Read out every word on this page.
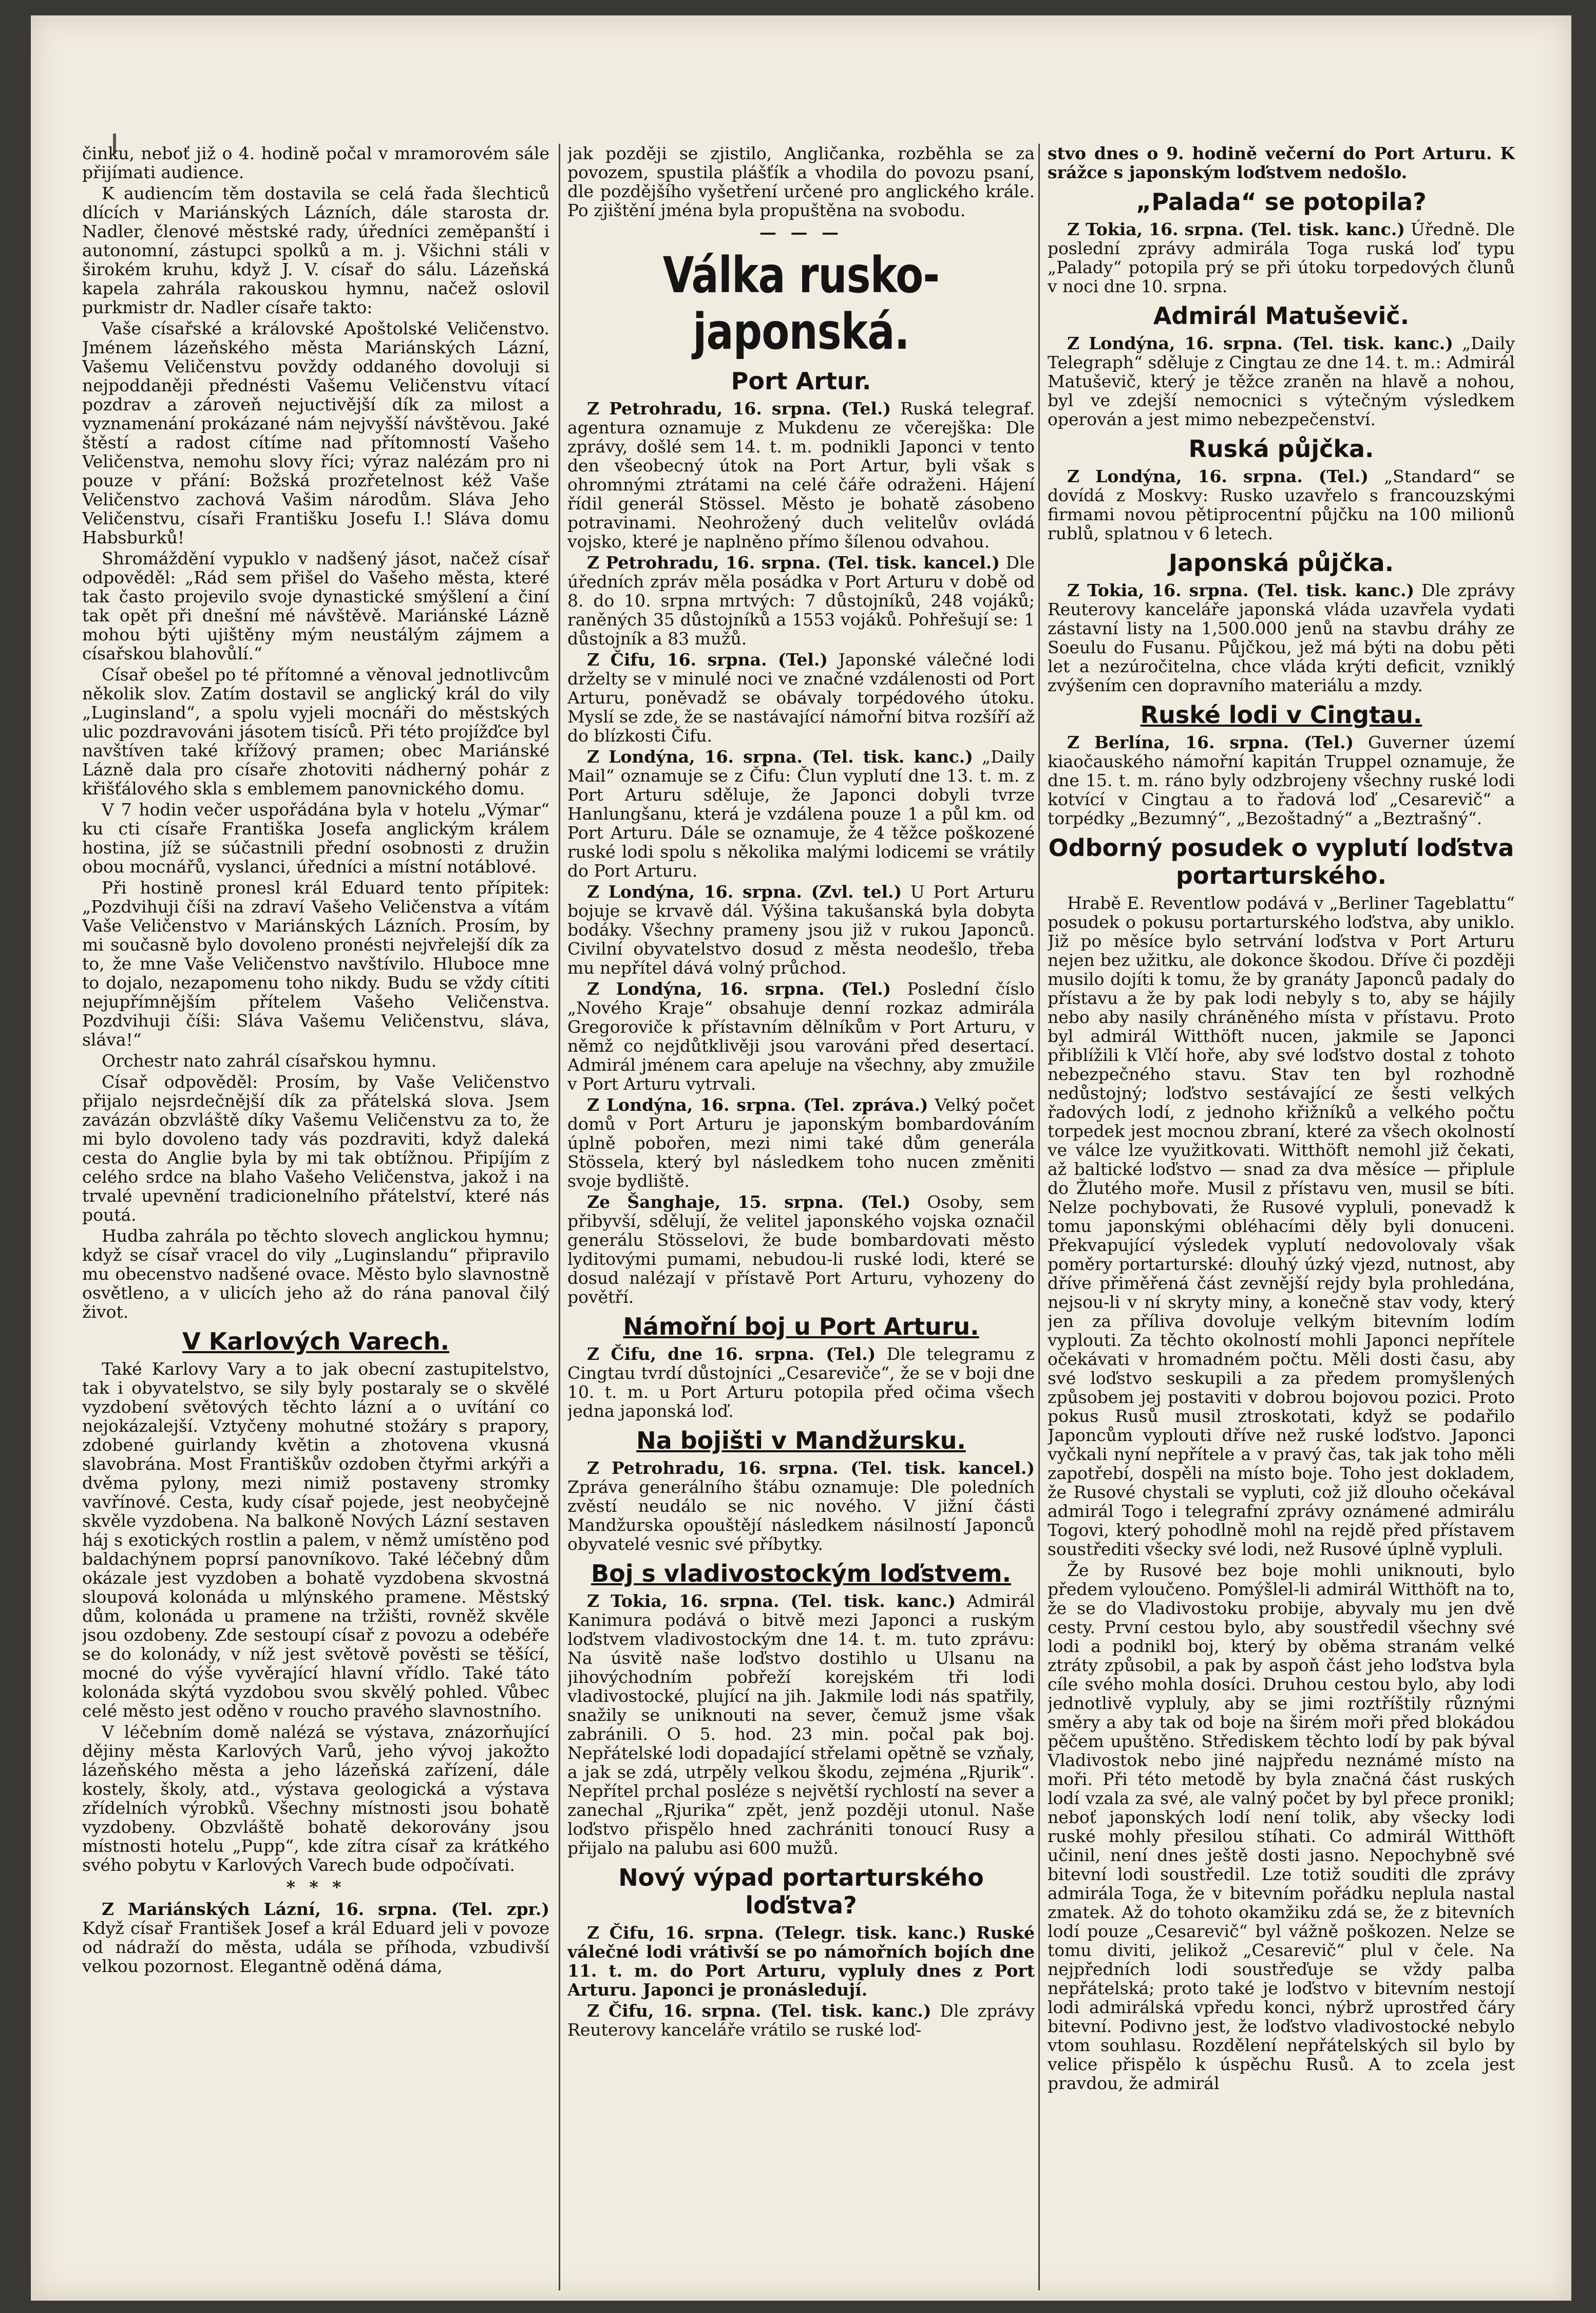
činku, neboť již o 4. hodině počal v mramorovém sále přijímati audience.

K audiencím těm dostavila se celá řada šlechticů dlících v Mariánských Lázních, dále starosta dr. Nadler, členové městské rady, úředníci zeměpanští i autonomní, zástupci spolků a m. j. Všichni stáli v širokém kruhu, když J. V. císař do sálu. Lázeňská kapela zahrála rakouskou hymnu, načež oslovil purkmistr dr. Nadler císaře takto:

Vaše císařské a královské Apoštolské Veličenstvo. Jménem lázeňského města Mariánských Lázní, Vašemu Veličenstvu povždy oddaného dovoluji si nejpoddaněji přednésti Vašemu Veličenstvu vítací pozdrav a zároveň nejuctivější dík za milost a vyznamenání prokázané nám nejvyšší návštěvou. Jaké štěstí a radost cítíme nad přítomností Vašeho Veličenstva, nemohu slovy říci; výraz nalézám pro ni pouze v přání: Božská prozřetelnost kéž Vaše Veličenstvo zachová Vašim národům. Sláva Jeho Veličenstvu, císaři Františku Josefu I.! Sláva domu Habsburků!

Shromáždění vypuklo v nadšený jásot, načež císař odpověděl: „Rád sem přišel do Vašeho města, které tak často projevilo svoje dynastické smýšlení a činí tak opět při dnešní mé návštěvě. Mariánské Lázně mohou býti ujištěny mým neustálým zájmem a císařskou blahovůlí.“

Císař obešel po té přítomné a věnoval jednotlivcům několik slov. Zatím dostavil se anglický král do vily „Luginsland“, a spolu vyjeli mocnáři do městských ulic pozdravováni jásotem tisíců. Při této projížďce byl navštíven také křížový pramen; obec Mariánské Lázně dala pro císaře zhotoviti nádherný pohár z křišťálového skla s emblemem panovnického domu.

V 7 hodin večer uspořádána byla v hotelu „Výmar“ ku cti císaře Františka Josefa anglickým králem hostina, jíž se súčastnili přední osobnosti z družin obou mocnářů, vyslanci, úředníci a místní notáblové.

Při hostině pronesl král Eduard tento přípitek: „Pozdvihuji číši na zdraví Vašeho Veličenstva a vítám Vaše Veličenstvo v Mariánských Lázních. Prosím, by mi současně bylo dovoleno pronésti nejvřelejší dík za to, že mne Vaše Veličenstvo navštívilo. Hluboce mne to dojalo, nezapomenu toho nikdy. Budu se vždy cítiti nejupřímnějším přítelem Vašeho Veličenstva. Pozdvihuji číši: Sláva Vašemu Veličenstvu, sláva, sláva!“

Orchestr nato zahrál císařskou hymnu.

Císař odpověděl: Prosím, by Vaše Veličenstvo přijalo nejsrdečnější dík za přátelská slova. Jsem zavázán obzvláště díky Vašemu Veličenstvu za to, že mi bylo dovoleno tady vás pozdraviti, když daleká cesta do Anglie byla by mi tak obtížnou. Připíjím z celého srdce na blaho Vašeho Veličenstva, jakož i na trvalé upevnění tradicionelního přátelství, které nás poutá.

Hudba zahrála po těchto slovech anglickou hymnu; když se císař vracel do vily „Luginslandu“ připravilo mu obecenstvo nadšené ovace. Město bylo slavnostně osvětleno, a v ulicích jeho až do rána panoval čilý život.

V Karlových Varech.

Také Karlovy Vary a to jak obecní zastupitelstvo, tak i obyvatelstvo, se sily byly postaraly se o skvělé vyzdobení světových těchto lázní a o uvítání co nejokázalejší. Vztyčeny mohutné stožáry s prapory, zdobené guirlandy květin a zhotovena vkusná slavobrána. Most Františkův ozdoben čtyřmi arkýři a dvěma pylony, mezi nimiž postaveny stromky vavřínové. Cesta, kudy císař pojede, jest neobyčejně skvěle vyzdobena. Na balkoně Nových Lázní sestaven háj s exotických rostlin a palem, v němž umístěno pod baldachýnem poprsí panovníkovo. Také léčebný dům okázale jest vyzdoben a bohatě vyzdobena skvostná sloupová kolonáda u mlýnského pramene. Městský dům, kolonáda u pramene na tržišti, rovněž skvěle jsou ozdobeny. Zde sestoupí císař z povozu a odebéře se do kolonády, v níž jest světově pověsti se těšící, mocné do výše vyvěrající hlavní vřídlo. Také táto kolonáda skýtá vyzdobou svou skvělý pohled. Vůbec celé město jest oděno v roucho pravého slavnostního.

V léčebním domě nalézá se výstava, znázorňující dějiny města Karlových Varů, jeho vývoj jakožto lázeňského města a jeho lázeňská zařízení, dále kostely, školy, atd., výstava geologická a výstava zřídelních výrobků. Všechny místnosti jsou bohatě vyzdobeny. Obzvláště bohatě dekorovány jsou místnosti hotelu „Pupp“, kde zítra císař za krátkého svého pobytu v Karlových Varech bude odpočívati.

* * *

Z Mariánských Lázní, 16. srpna. (Tel. zpr.) Když císař František Josef a král Eduard jeli v povoze od nádraží do města, udála se příhoda, vzbudivší velkou pozornost. Elegantně oděná dáma,

jak později se zjistilo, Angličanka, rozběhla se za povozem, spustila plášťík a vhodila do povozu psaní, dle pozdějšího vyšetření určené pro anglického krále. Po zjištění jména byla propuštěna na svobodu.

— — —
Válka rusko-japonská.
Port Artur.

Z Petrohradu, 16. srpna. (Tel.) Ruská telegraf. agentura oznamuje z Mukdenu ze včerejška: Dle zprávy, došlé sem 14. t. m. podnikli Japonci v tento den všeobecný útok na Port Artur, byli však s ohromnými ztrátami na celé čáře odraženi. Hájení řídil generál Stössel. Město je bohatě zásobeno potravinami. Neohrožený duch velitelův ovládá vojsko, které je naplněno přímo šílenou odvahou.

Z Petrohradu, 16. srpna. (Tel. tisk. kancel.) Dle úředních zpráv měla posádka v Port Arturu v době od 8. do 10. srpna mrtvých: 7 důstojníků, 248 vojáků; raněných 35 důstojníků a 1553 vojáků. Pohřešují se: 1 důstojník a 83 mužů.

Z Čifu, 16. srpna. (Tel.) Japonské válečné lodi drželty se v minulé noci ve značné vzdálenosti od Port Arturu, poněvadž se obávaly torpédového útoku. Myslí se zde, že se nastávající námořní bitva rozšíří až do blízkosti Čifu.

Z Londýna, 16. srpna. (Tel. tisk. kanc.) „Daily Mail“ oznamuje se z Čifu: Člun vyplutí dne 13. t. m. z Port Arturu sděluje, že Japonci dobyli tvrze Hanlungšanu, která je vzdálena pouze 1 a půl km. od Port Arturu. Dále se oznamuje, že 4 těžce poškozené ruské lodi spolu s několika malými lodicemi se vrátily do Port Arturu.

Z Londýna, 16. srpna. (Zvl. tel.) U Port Arturu bojuje se krvavě dál. Výšina takušanská byla dobyta bodáky. Všechny prameny jsou již v rukou Japonců. Civilní obyvatelstvo dosud z města neodešlo, třeba mu nepřítel dává volný průchod.

Z Londýna, 16. srpna. (Tel.) Poslední číslo „Nového Kraje“ obsahuje denní rozkaz admirála Gregoroviče k přístavním dělníkům v Port Arturu, v němž co nejdůtklivěji jsou varováni před desertací. Admirál jménem cara apeluje na všechny, aby zmužile v Port Arturu vytrvali.

Z Londýna, 16. srpna. (Tel. zpráva.) Velký počet domů v Port Arturu je japonským bombardováním úplně pobořen, mezi nimi také dům generála Stössela, který byl následkem toho nucen změniti svoje bydliště.

Ze Šanghaje, 15. srpna. (Tel.) Osoby, sem přibyvší, sdělují, že velitel japonského vojska označil generálu Stösselovi, že bude bombardovati město lyditovými pumami, nebudou-li ruské lodi, které se dosud nalézají v přístavě Port Arturu, vyhozeny do povětří.

Námořní boj u Port Arturu.

Z Čifu, dne 16. srpna. (Tel.) Dle telegramu z Cingtau tvrdí důstojníci „Cesareviče“, že se v boji dne 10. t. m. u Port Arturu potopila před očima všech jedna japonská loď.

Na bojišti v Mandžursku.

Z Petrohradu, 16. srpna. (Tel. tisk. kancel.) Zpráva generálního štábu oznamuje: Dle poledních zvěstí neudálo se nic nového. V jižní části Mandžurska opouštějí následkem násilností Japonců obyvatelé vesnic své příbytky.

Boj s vladivostockým loďstvem.

Z Tokia, 16. srpna. (Tel. tisk. kanc.) Admirál Kanimura podává o bitvě mezi Japonci a ruským loďstvem vladivostockým dne 14. t. m. tuto zprávu: Na úsvitě naše loďstvo dostihlo u Ulsanu na jihovýchodním pobřeží korejském tři lodi vladivostocké, plující na jih. Jakmile lodi nás spatřily, snažily se uniknouti na sever, čemuž jsme však zabránili. O 5. hod. 23 min. počal pak boj. Nepřátelské lodi dopadající střelami opětně se vzňaly, a jak se zdá, utrpěly velkou škodu, zejména „Rjurik“. Nepřítel prchal posléze s největší rychlostí na sever a zanechal „Rjurika“ zpět, jenž později utonul. Naše loďstvo přispělo hned zachrániti tonoucí Rusy a přijalo na palubu asi 600 mužů.

Nový výpad portarturského loďstva?

Z Čifu, 16. srpna. (Telegr. tisk. kanc.) Ruské válečné lodi vrátivší se po námořních bojích dne 11. t. m. do Port Arturu, vypluly dnes z Port Arturu. Japonci je pronásledují.

Z Čifu, 16. srpna. (Tel. tisk. kanc.) Dle zprávy Reuterovy kanceláře vrátilo se ruské loď-

stvo dnes o 9. hodině večerní do Port Arturu. K srážce s japonským loďstvem nedošlo.

„Palada“ se potopila?

Z Tokia, 16. srpna. (Tel. tisk. kanc.) Úředně. Dle poslední zprávy admirála Toga ruská loď typu „Palady“ potopila prý se při útoku torpedových člunů v noci dne 10. srpna.

Admirál Matuševič.

Z Londýna, 16. srpna. (Tel. tisk. kanc.) „Daily Telegraph“ sděluje z Cingtau ze dne 14. t. m.: Admirál Matuševič, který je těžce zraněn na hlavě a nohou, byl ve zdejší nemocnici s výtečným výsledkem operován a jest mimo nebezpečenství.

Ruská půjčka.

Z Londýna, 16. srpna. (Tel.) „Standard“ se dovídá z Moskvy: Rusko uzavřelo s francouzskými firmami novou pětiprocentní půjčku na 100 milionů rublů, splatnou v 6 letech.

Japonská půjčka.

Z Tokia, 16. srpna. (Tel. tisk. kanc.) Dle zprávy Reuterovy kanceláře japonská vláda uzavřela vydati zástavní listy na 1,500.000 jenů na stavbu dráhy ze Soeulu do Fusanu. Půjčkou, jež má býti na dobu pěti let a nezúročitelna, chce vláda krýti deficit, vzniklý zvýšením cen dopravního materiálu a mzdy.

Ruské lodi v Cingtau.

Z Berlína, 16. srpna. (Tel.) Guverner území kiaočauského námořní kapitán Truppel oznamuje, že dne 15. t. m. ráno byly odzbrojeny všechny ruské lodi kotvící v Cingtau a to řadová loď „Cesarevič“ a torpédky „Bezumný“, „Bezoštadný“ a „Beztrašný“.

Odborný posudek o vyplutí loďstva portarturského.

Hrabě E. Reventlow podává v „Berliner Tageblattu“ posudek o pokusu portarturského loďstva, aby uniklo. Již po měsíce bylo setrvání loďstva v Port Arturu nejen bez užitku, ale dokonce škodou. Dříve či později musilo dojíti k tomu, že by granáty Japonců padaly do přístavu a že by pak lodi nebyly s to, aby se hájily nebo aby nasily chráněného místa v přístavu. Proto byl admirál Witthöft nucen, jakmile se Japonci přiblížili k Vlčí hoře, aby své loďstvo dostal z tohoto nebezpečného stavu. Stav ten byl rozhodně nedůstojný; loďstvo sestávající ze šesti velkých řadových lodí, z jednoho křižníků a velkého počtu torpedek jest mocnou zbraní, které za všech okolností ve válce lze využitkovati. Witthöft nemohl již čekati, až baltické loďstvo — snad za dva měsíce — připlule do Žlutého moře. Musil z přístavu ven, musil se bíti. Nelze pochybovati, že Rusové vypluli, ponevadž k tomu japonskými obléhacími děly byli donuceni. Překvapující výsledek vyplutí nedovolovaly však poměry portarturské: dlouhý úzký vjezd, nutnost, aby dříve přiměřená část zevnější rejdy byla prohledána, nejsou-li v ní skryty miny, a konečně stav vody, který jen za příliva dovoluje velkým bitevním lodím vyplouti. Za těchto okolností mohli Japonci nepřítele očekávati v hromadném počtu. Měli dosti času, aby své loďstvo seskupili a za předem promyšlených způsobem jej postaviti v dobrou bojovou pozici. Proto pokus Rusů musil ztroskotati, když se podařilo Japoncům vyplouti dříve než ruské loďstvo. Japonci vyčkali nyní nepřítele a v pravý čas, tak jak toho měli zapotřebí, dospěli na místo boje. Toho jest dokladem, že Rusové chystali se vypluti, což již dlouho očekával admirál Togo i telegrafní zprávy oznámené admirálu Togovi, který pohodlně mohl na rejdě před přístavem soustřediti všecky své lodi, než Rusové úplně vypluli.

Že by Rusové bez boje mohli uniknouti, bylo předem vyloučeno. Pomýšlel-li admirál Witthöft na to, že se do Vladivostoku probije, abyvaly mu jen dvě cesty. První cestou bylo, aby soustředil všechny své lodi a podnikl boj, který by oběma stranám velké ztráty způsobil, a pak by aspoň část jeho loďstva byla cíle svého mohla dosíci. Druhou cestou bylo, aby lodi jednotlivě vypluly, aby se jimi roztříštily různými směry a aby tak od boje na širém moři před blokádou pěčem upuštěno. Střediskem těchto lodí by pak býval Vladivostok nebo jiné najpředu neznámé místo na moři. Při této metodě by byla značná část ruských lodí vzala za své, ale valný počet by byl přece pronikl; neboť japonských lodí není tolik, aby všecky lodi ruské mohly přesilou stíhati. Co admirál Witthöft učinil, není dnes ještě dosti jasno. Nepochybně své bitevní lodi soustředil. Lze totiž souditi dle zprávy admirála Toga, že v bitevním pořádku neplula nastal zmatek. Až do tohoto okamžiku zdá se, že z bitevních lodí pouze „Cesarevič“ byl vážně poškozen. Nelze se tomu diviti, jelikož „Cesarevič“ plul v čele. Na nejpředních lodi soustřeďuje se vždy palba nepřátelská; proto také je loďstvo v bitevním nestojí lodi admirálská vpředu konci, nýbrž uprostřed čáry bitevní. Podivno jest, že loďstvo vladivostocké nebylo vtom souhlasu. Rozdělení nepřátelských sil bylo by velice přispělo k úspěchu Rusů. A to zcela jest pravdou, že admirál
